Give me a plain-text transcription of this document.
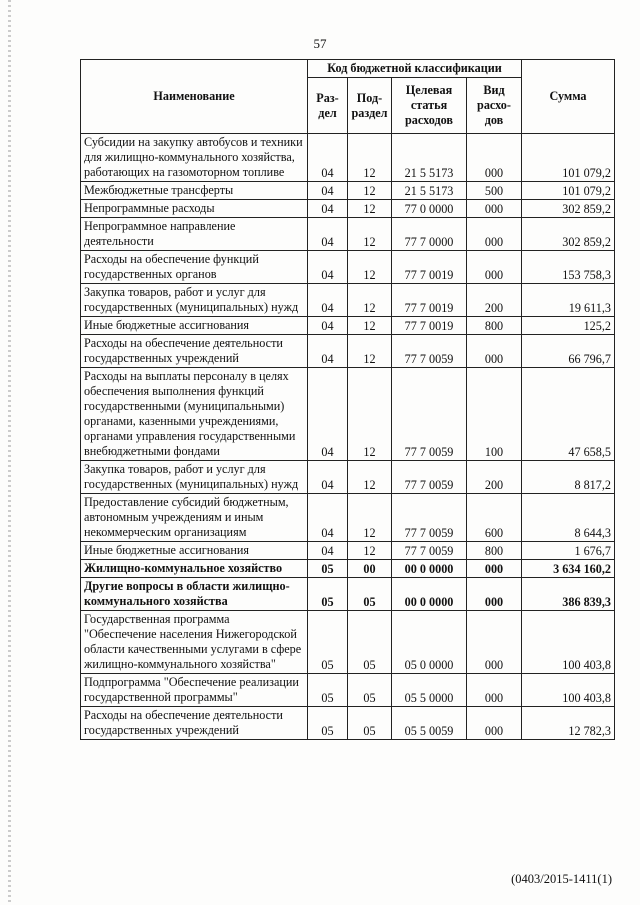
57
Наименование	Код бюджетной классификации				Сумма
	Раз-дел	Под-раздел	Целевая статья расходов	Вид расхо-дов	
Субсидии на закупку автобусов и техники для жилищно-коммунального хозяйства, работающих на газомоторном топливе	04	12	21 5 5173	000	101 079,2
Межбюджетные трансферты	04	12	21 5 5173	500	101 079,2
Непрограммные расходы	04	12	77 0 0000	000	302 859,2
Непрограммное направление деятельности	04	12	77 7 0000	000	302 859,2
Расходы на обеспечение функций государственных органов	04	12	77 7 0019	000	153 758,3
Закупка товаров, работ и услуг для государственных (муниципальных) нужд	04	12	77 7 0019	200	19 611,3
Иные бюджетные ассигнования	04	12	77 7 0019	800	125,2
Расходы на обеспечение деятельности государственных учреждений	04	12	77 7 0059	000	66 796,7
Расходы на выплаты персоналу в целях обеспечения выполнения функций государственными (муниципальными) органами, казенными учреждениями, органами управления государственными внебюджетными фондами	04	12	77 7 0059	100	47 658,5
Закупка товаров, работ и услуг для государственных (муниципальных) нужд	04	12	77 7 0059	200	8 817,2
Предоставление субсидий бюджетным, автономным учреждениям и иным некоммерческим организациям	04	12	77 7 0059	600	8 644,3
Иные бюджетные ассигнования	04	12	77 7 0059	800	1 676,7
Жилищно-коммунальное хозяйство	05	00	00 0 0000	000	3 634 160,2
Другие вопросы в области жилищно-коммунального хозяйства	05	05	00 0 0000	000	386 839,3
Государственная программа "Обеспечение населения Нижегородской области качественными услугами в сфере жилищно-коммунального хозяйства"	05	05	05 0 0000	000	100 403,8
Подпрограмма "Обеспечение реализации государственной программы"	05	05	05 5 0000	000	100 403,8
Расходы на обеспечение деятельности государственных учреждений	05	05	05 5 0059	000	12 782,3
(0403/2015-1411(1)
